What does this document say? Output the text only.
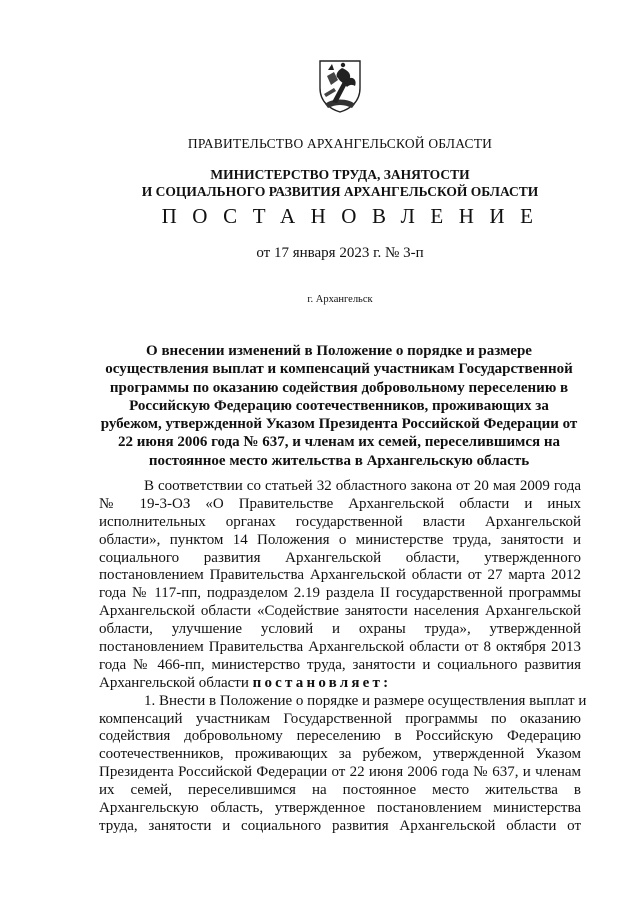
ПРАВИТЕЛЬСТВО АРХАНГЕЛЬСКОЙ ОБЛАСТИ
МИНИСТЕРСТВО ТРУДА, ЗАНЯТОСТИ
И СОЦИАЛЬНОГО РАЗВИТИЯ АРХАНГЕЛЬСКОЙ ОБЛАСТИ
ПОСТАНОВЛЕНИЕ
от 17 января 2023 г. № 3-п
г. Архангельск
О внесении изменений в Положение о порядке и размере
осуществления выплат и компенсаций участникам Государственной
программы по оказанию содействия добровольному переселению в
Российскую Федерацию соотечественников, проживающих за
рубежом, утвержденной Указом Президента Российской Федерации от
22 июня 2006 года № 637, и членам их семей, переселившимся на
постоянное место жительства в Архангельскую область
В соответствии со статьей 32 областного закона от 20 мая 2009 года
№ 19-3-ОЗ «О Правительстве Архангельской области и иных
исполнительных органах государственной власти Архангельской
области», пунктом 14 Положения о министерстве труда, занятости и
социального развития Архангельской области, утвержденного
постановлением Правительства Архангельской области от 27 марта 2012
года № 117-пп, подразделом 2.19 раздела II государственной программы
Архангельской области «Содействие занятости населения Архангельской
области, улучшение условий и охраны труда», утвержденной
постановлением Правительства Архангельской области от 8 октября 2013
года № 466-пп, министерство труда, занятости и социального развития
Архангельской области постановляет:
1. Внести в Положение о порядке и размере осуществления выплат и
компенсаций участникам Государственной программы по оказанию
содействия добровольному переселению в Российскую Федерацию
соотечественников, проживающих за рубежом, утвержденной Указом
Президента Российской Федерации от 22 июня 2006 года № 637, и членам
их семей, переселившимся на постоянное место жительства в
Архангельскую область, утвержденное постановлением министерства
труда, занятости и социального развития Архангельской области от
